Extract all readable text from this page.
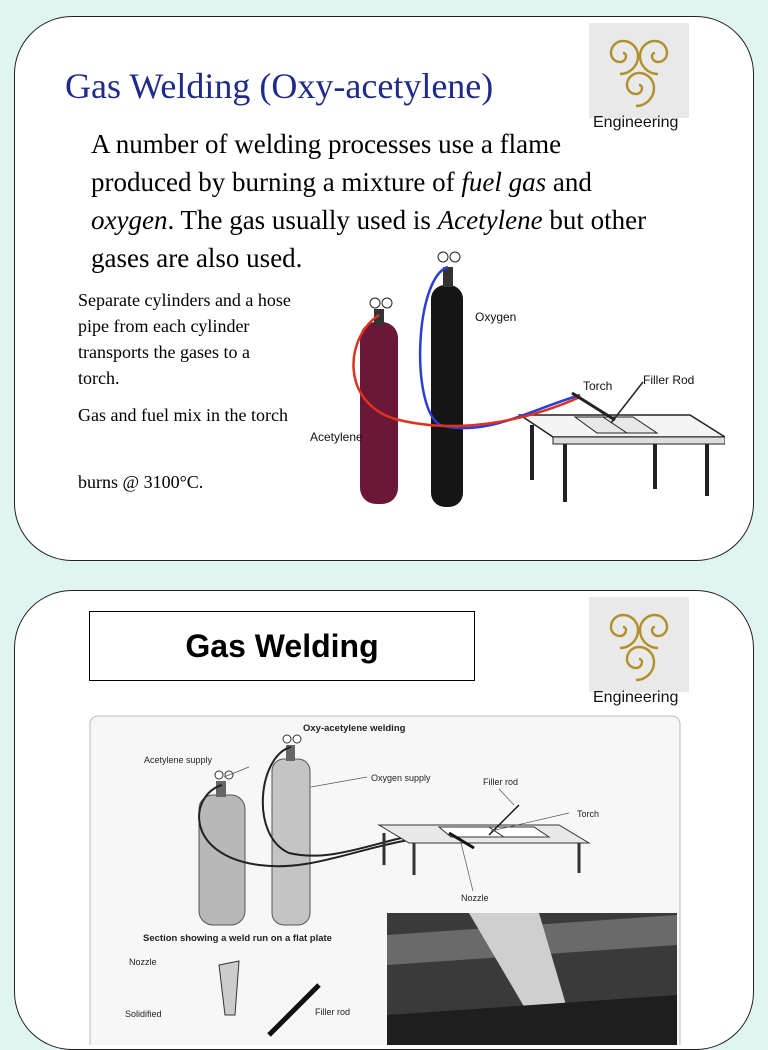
Engineering
Gas Welding (Oxy-acetylene)
A number of welding processes use a flame produced by burning a mixture of fuel gas and oxygen. The gas usually used is Acetylene but other gases are also used.
Separate cylinders and a hose pipe from each cylinder transports the gases to a torch.
Gas and fuel mix in the torch
burns @ 3100°C.
Oxygen
Acetylene
Torch	Filler Rod
Engineering
Gas Welding
Oxy-acetylene welding
Acetylene supply
Oxygen supply	Filler rod
Torch
Nozzle
Section showing a weld run on a flat plate
Nozzle
Filler rod
Solidified
